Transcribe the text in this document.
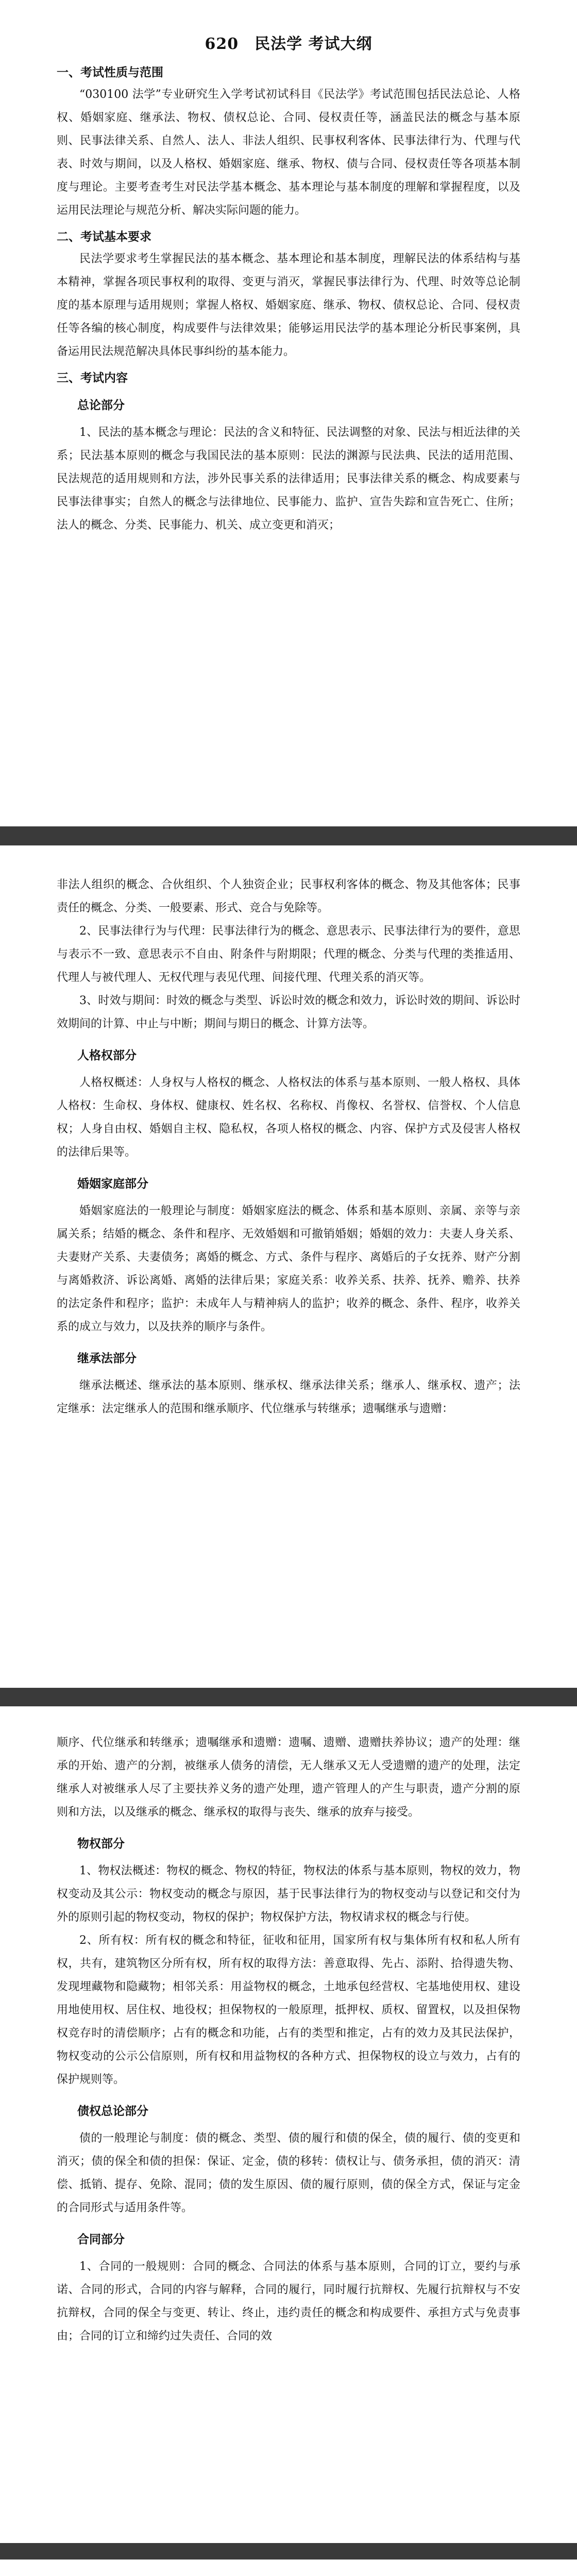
620　民法学 考试大纲
一、考试性质与范围
“030100 法学”专业研究生入学考试初试科目《民法学》考试范围包括民法总论、人格权、婚姻家庭、继承法、物权、债权总论、合同、侵权责任等，涵盖民法的概念与基本原则、民事法律关系、自然人、法人、非法人组织、民事权利客体、民事法律行为、代理与代表、时效与期间，以及人格权、婚姻家庭、继承、物权、债与合同、侵权责任等各项基本制度与理论。主要考查考生对民法学基本概念、基本理论与基本制度的理解和掌握程度，以及运用民法理论与规范分析、解决实际问题的能力。
二、考试基本要求
民法学要求考生掌握民法的基本概念、基本理论和基本制度，理解民法的体系结构与基本精神，掌握各项民事权利的取得、变更与消灭，掌握民事法律行为、代理、时效等总论制度的基本原理与适用规则；掌握人格权、婚姻家庭、继承、物权、债权总论、合同、侵权责任等各编的核心制度，构成要件与法律效果；能够运用民法学的基本理论分析民事案例，具备运用民法规范解决具体民事纠纷的基本能力。
三、考试内容
总论部分
1、民法的基本概念与理论：民法的含义和特征、民法调整的对象、民法与相近法律的关系；民法基本原则的概念与我国民法的基本原则：民法的渊源与民法典、民法的适用范围、民法规范的适用规则和方法，涉外民事关系的法律适用；民事法律关系的概念、构成要素与民事法律事实；自然人的概念与法律地位、民事能力、监护、宣告失踪和宣告死亡、住所；法人的概念、分类、民事能力、机关、成立变更和消灭；
非法人组织的概念、合伙组织、个人独资企业；民事权利客体的概念、物及其他客体；民事责任的概念、分类、一般要素、形式、竞合与免除等。
2、民事法律行为与代理：民事法律行为的概念、意思表示、民事法律行为的要件，意思与表示不一致、意思表示不自由、附条件与附期限；代理的概念、分类与代理的类推适用、代理人与被代理人、无权代理与表见代理、间接代理、代理关系的消灭等。
3、时效与期间：时效的概念与类型、诉讼时效的概念和效力，诉讼时效的期间、诉讼时效期间的计算、中止与中断；期间与期日的概念、计算方法等。
人格权部分
人格权概述：人身权与人格权的概念、人格权法的体系与基本原则、一般人格权、具体人格权：生命权、身体权、健康权、姓名权、名称权、肖像权、名誉权、信誉权、个人信息权；人身自由权、婚姻自主权、隐私权，各项人格权的概念、内容、保护方式及侵害人格权的法律后果等。
婚姻家庭部分
婚姻家庭法的一般理论与制度：婚姻家庭法的概念、体系和基本原则、亲属、亲等与亲属关系；结婚的概念、条件和程序、无效婚姻和可撤销婚姻；婚姻的效力：夫妻人身关系、夫妻财产关系、夫妻债务；离婚的概念、方式、条件与程序、离婚后的子女抚养、财产分割与离婚救济、诉讼离婚、离婚的法律后果；家庭关系：收养关系、扶养、抚养、赡养、扶养的法定条件和程序；监护：未成年人与精神病人的监护；收养的概念、条件、程序，收养关系的成立与效力，以及扶养的顺序与条件。
继承法部分
继承法概述、继承法的基本原则、继承权、继承法律关系；继承人、继承权、遗产；法定继承：法定继承人的范围和继承顺序、代位继承与转继承；遗嘱继承与遗赠：
顺序、代位继承和转继承；遗嘱继承和遗赠：遗嘱、遗赠、遗赠扶养协议；遗产的处理：继承的开始、遗产的分割，被继承人债务的清偿，无人继承又无人受遗赠的遗产的处理，法定继承人对被继承人尽了主要扶养义务的遗产处理，遗产管理人的产生与职责，遗产分割的原则和方法，以及继承的概念、继承权的取得与丧失、继承的放弃与接受。
物权部分
1、物权法概述：物权的概念、物权的特征，物权法的体系与基本原则，物权的效力，物权变动及其公示：物权变动的概念与原因，基于民事法律行为的物权变动与以登记和交付为外的原则引起的物权变动，物权的保护；物权保护方法，物权请求权的概念与行使。
2、所有权：所有权的概念和特征，征收和征用，国家所有权与集体所有权和私人所有权，共有，建筑物区分所有权，所有权的取得方法：善意取得、先占、添附、拾得遗失物、发现埋藏物和隐藏物；相邻关系：用益物权的概念，土地承包经营权、宅基地使用权、建设用地使用权、居住权、地役权；担保物权的一般原理，抵押权、质权、留置权，以及担保物权竞存时的清偿顺序；占有的概念和功能，占有的类型和推定，占有的效力及其民法保护，物权变动的公示公信原则，所有权和用益物权的各种方式、担保物权的设立与效力，占有的保护规则等。
债权总论部分
债的一般理论与制度：债的概念、类型、债的履行和债的保全，债的履行、债的变更和消灭；债的保全和债的担保：保证、定金，债的移转：债权让与、债务承担，债的消灭：清偿、抵销、提存、免除、混同；债的发生原因、债的履行原则，债的保全方式，保证与定金的合同形式与适用条件等。
合同部分
1、合同的一般规则：合同的概念、合同法的体系与基本原则，合同的订立，要约与承诺、合同的形式，合同的内容与解释，合同的履行，同时履行抗辩权、先履行抗辩权与不安抗辩权，合同的保全与变更、转让、终止，违约责任的概念和构成要件、承担方式与免责事由；合同的订立和缔约过失责任、合同的效
